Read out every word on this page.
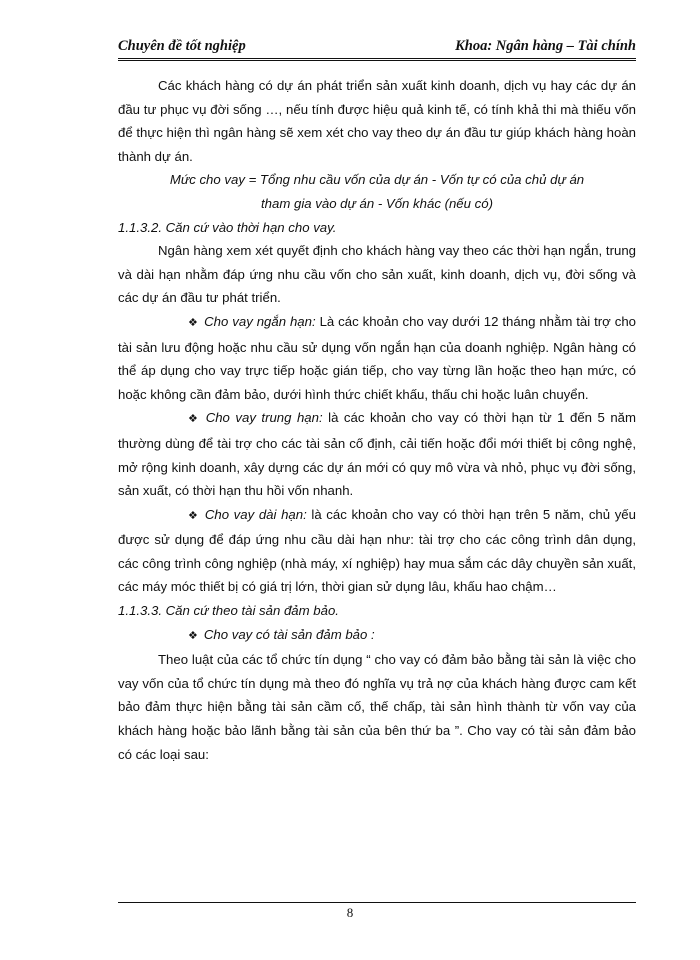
Chuyên đề tốt nghiệp	Khoa: Ngân hàng – Tài chính

Các khách hàng có dự án phát triển sản xuất kinh doanh, dịch vụ hay các dự án đầu tư phục vụ đời sống …, nếu tính được hiệu quả kinh tế, có tính khả thi mà thiếu vốn để thực hiện thì ngân hàng sẽ xem xét cho vay theo dự án đầu tư giúp khách hàng hoàn thành dự án.

Mức cho vay = Tổng nhu cầu vốn của dự án - Vốn tự có của chủ dự án

tham gia vào dự án - Vốn khác (nếu có)

1.1.3.2. Căn cứ vào thời hạn cho vay.

Ngân hàng xem xét quyết định cho khách hàng vay theo các thời hạn ngắn, trung và dài hạn nhằm đáp ứng nhu cầu vốn cho sản xuất, kinh doanh, dịch vụ, đời sống và các dự án đầu tư phát triển.

❖ Cho vay ngắn hạn: Là các khoản cho vay dưới 12 tháng nhằm tài trợ cho tài sản lưu động hoặc nhu cầu sử dụng vốn ngắn hạn của doanh nghiệp. Ngân hàng có thể áp dụng cho vay trực tiếp hoặc gián tiếp, cho vay từng lần hoặc theo hạn mức, có hoặc không cần đảm bảo, dưới hình thức chiết khấu, thấu chi hoặc luân chuyển.

❖ Cho vay trung hạn: là các khoản cho vay có thời hạn từ 1 đến 5 năm thường dùng để tài trợ cho các tài sản cố định, cải tiến hoặc đổi mới thiết bị công nghệ, mở rộng kinh doanh, xây dựng các dự án mới có quy mô vừa và nhỏ, phục vụ đời sống, sản xuất, có thời hạn thu hồi vốn nhanh.

❖ Cho vay dài hạn: là các khoản cho vay có thời hạn trên 5 năm, chủ yếu được sử dụng để đáp ứng nhu cầu dài hạn như: tài trợ cho các công trình dân dụng, các công trình công nghiệp (nhà máy, xí nghiệp) hay mua sắm các dây chuyền sản xuất, các máy móc thiết bị có giá trị lớn, thời gian sử dụng lâu, khấu hao chậm…

1.1.3.3. Căn cứ theo tài sản đảm bảo.

❖ Cho vay có tài sản đảm bảo :

Theo luật của các tổ chức tín dụng “ cho vay có đảm bảo bằng tài sản là việc cho vay vốn của tổ chức tín dụng mà theo đó nghĩa vụ trả nợ của khách hàng được cam kết bảo đảm thực hiện bằng tài sản cầm cố, thế chấp, tài sản hình thành từ vốn vay của khách hàng hoặc bảo lãnh bằng tài sản của bên thứ ba ”. Cho vay có tài sản đảm bảo có các loại sau:

8
